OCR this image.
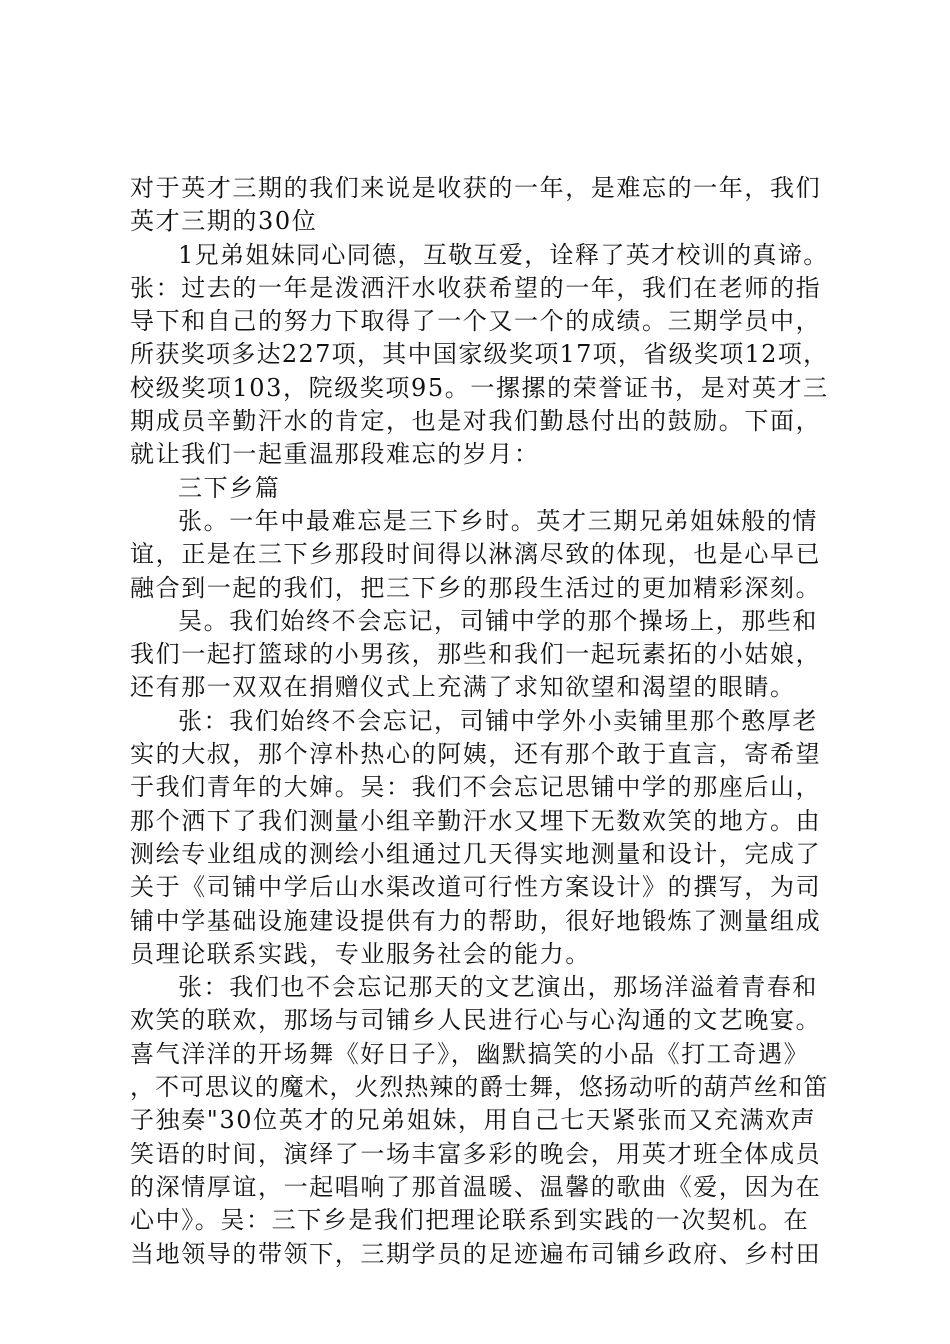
对于英才三期的我们来说是收获的一年，是难忘的一年，我们
英才三期的30位
1兄弟姐妹同心同德，互敬互爱，诠释了英才校训的真谛。
张：过去的一年是泼洒汗水收获希望的一年，我们在老师的指
导下和自己的努力下取得了一个又一个的成绩。三期学员中，
所获奖项多达227项，其中国家级奖项17项，省级奖项12项，
校级奖项103，院级奖项95。一摞摞的荣誉证书，是对英才三
期成员辛勤汗水的肯定，也是对我们勤恳付出的鼓励。下面，
就让我们一起重温那段难忘的岁月：
三下乡篇
张。一年中最难忘是三下乡时。英才三期兄弟姐妹般的情
谊，正是在三下乡那段时间得以淋漓尽致的体现，也是心早已
融合到一起的我们，把三下乡的那段生活过的更加精彩深刻。
吴。我们始终不会忘记，司铺中学的那个操场上，那些和
我们一起打篮球的小男孩，那些和我们一起玩素拓的小姑娘，
还有那一双双在捐赠仪式上充满了求知欲望和渴望的眼睛。
张：我们始终不会忘记，司铺中学外小卖铺里那个憨厚老
实的大叔，那个淳朴热心的阿姨，还有那个敢于直言，寄希望
于我们青年的大婶。吴：我们不会忘记思铺中学的那座后山，
那个洒下了我们测量小组辛勤汗水又埋下无数欢笑的地方。由
测绘专业组成的测绘小组通过几天得实地测量和设计，完成了
关于《司铺中学后山水渠改道可行性方案设计》的撰写，为司
铺中学基础设施建设提供有力的帮助，很好地锻炼了测量组成
员理论联系实践，专业服务社会的能力。
张：我们也不会忘记那天的文艺演出，那场洋溢着青春和
欢笑的联欢，那场与司铺乡人民进行心与心沟通的文艺晚宴。
喜气洋洋的开场舞《好日子》，幽默搞笑的小品《打工奇遇》
，不可思议的魔术，火烈热辣的爵士舞，悠扬动听的葫芦丝和笛
子独奏"30位英才的兄弟姐妹，用自己七天紧张而又充满欢声
笑语的时间，演绎了一场丰富多彩的晚会，用英才班全体成员
的深情厚谊，一起唱响了那首温暖、温馨的歌曲《爱，因为在
心中》。吴：三下乡是我们把理论联系到实践的一次契机。在
当地领导的带领下，三期学员的足迹遍布司铺乡政府、乡村田
